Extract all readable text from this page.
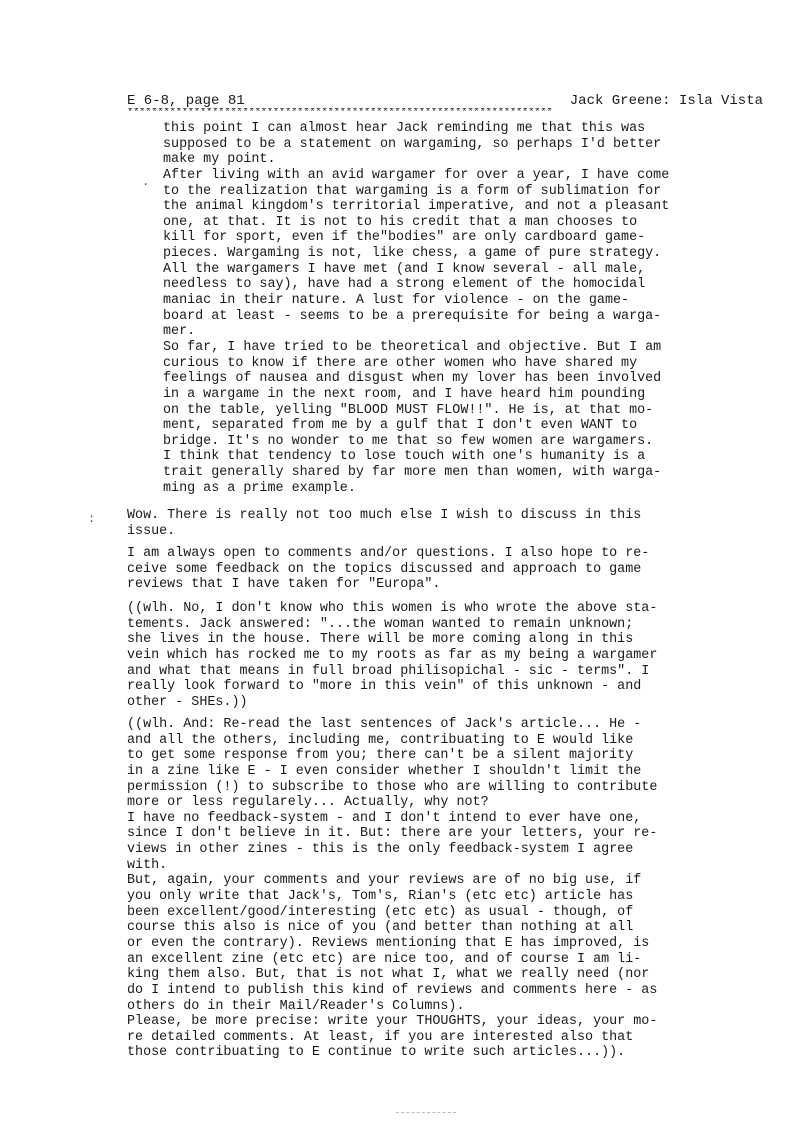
E 6-8, page 81	Jack Greene: Isla Vista
**********************************************************************
.
:
this point I can almost hear Jack reminding me that this was
supposed to be a statement on wargaming, so perhaps I'd better
make my point.
After living with an avid wargamer for over a year, I have come
to the realization that wargaming is a form of sublimation for
the animal kingdom's territorial imperative, and not a pleasant
one, at that. It is not to his credit that a man chooses to
kill for sport, even if the"bodies" are only cardboard game-
pieces. Wargaming is not, like chess, a game of pure strategy.
All the wargamers I have met (and I know several - all male,
needless to say), have had a strong element of the homocidal
maniac in their nature. A lust for violence - on the game-
board at least - seems to be a prerequisite for being a warga-
mer.
So far, I have tried to be theoretical and objective. But I am
curious to know if there are other women who have shared my
feelings of nausea and disgust when my lover has been involved
in a wargame in the next room, and I have heard him pounding
on the table, yelling "BLOOD MUST FLOW!!". He is, at that mo-
ment, separated from me by a gulf that I don't even WANT to
bridge. It's no wonder to me that so few women are wargamers.
I think that tendency to lose touch with one's humanity is a
trait generally shared by far more men than women, with warga-
ming as a prime example.
Wow. There is really not too much else I wish to discuss in this
issue.
I am always open to comments and/or questions. I also hope to re-
ceive some feedback on the topics discussed and approach to game
reviews that I have taken for "Europa".
((wlh. No, I don't know who this women is who wrote the above sta-
tements. Jack answered: "...the woman wanted to remain unknown;
she lives in the house. There will be more coming along in this
vein which has rocked me to my roots as far as my being a wargamer
and what that means in full broad philisopichal - sic - terms". I
really look forward to "more in this vein" of this unknown - and
other - SHEs.))
((wlh. And: Re-read the last sentences of Jack's article... He -
and all the others, including me, contribuating to E would like
to get some response from you; there can't be a silent majority
in a zine like E - I even consider whether I shouldn't limit the
permission (!) to subscribe to those who are willing to contribute
more or less regularely... Actually, why not?
I have no feedback-system - and I don't intend to ever have one,
since I don't believe in it. But: there are your letters, your re-
views in other zines - this is the only feedback-system I agree
with.
But, again, your comments and your reviews are of no big use, if
you only write that Jack's, Tom's, Rian's (etc etc) article has
been excellent/good/interesting (etc etc) as usual - though, of
course this also is nice of you (and better than nothing at all
or even the contrary). Reviews mentioning that E has improved, is
an excellent zine (etc etc) are nice too, and of course I am li-
king them also. But, that is not what I, what we really need (nor
do I intend to publish this kind of reviews and comments here - as
others do in their Mail/Reader's Columns).
Please, be more precise: write your THOUGHTS, your ideas, your mo-
re detailed comments. At least, if you are interested also that
those contribuating to E continue to write such articles...)).
